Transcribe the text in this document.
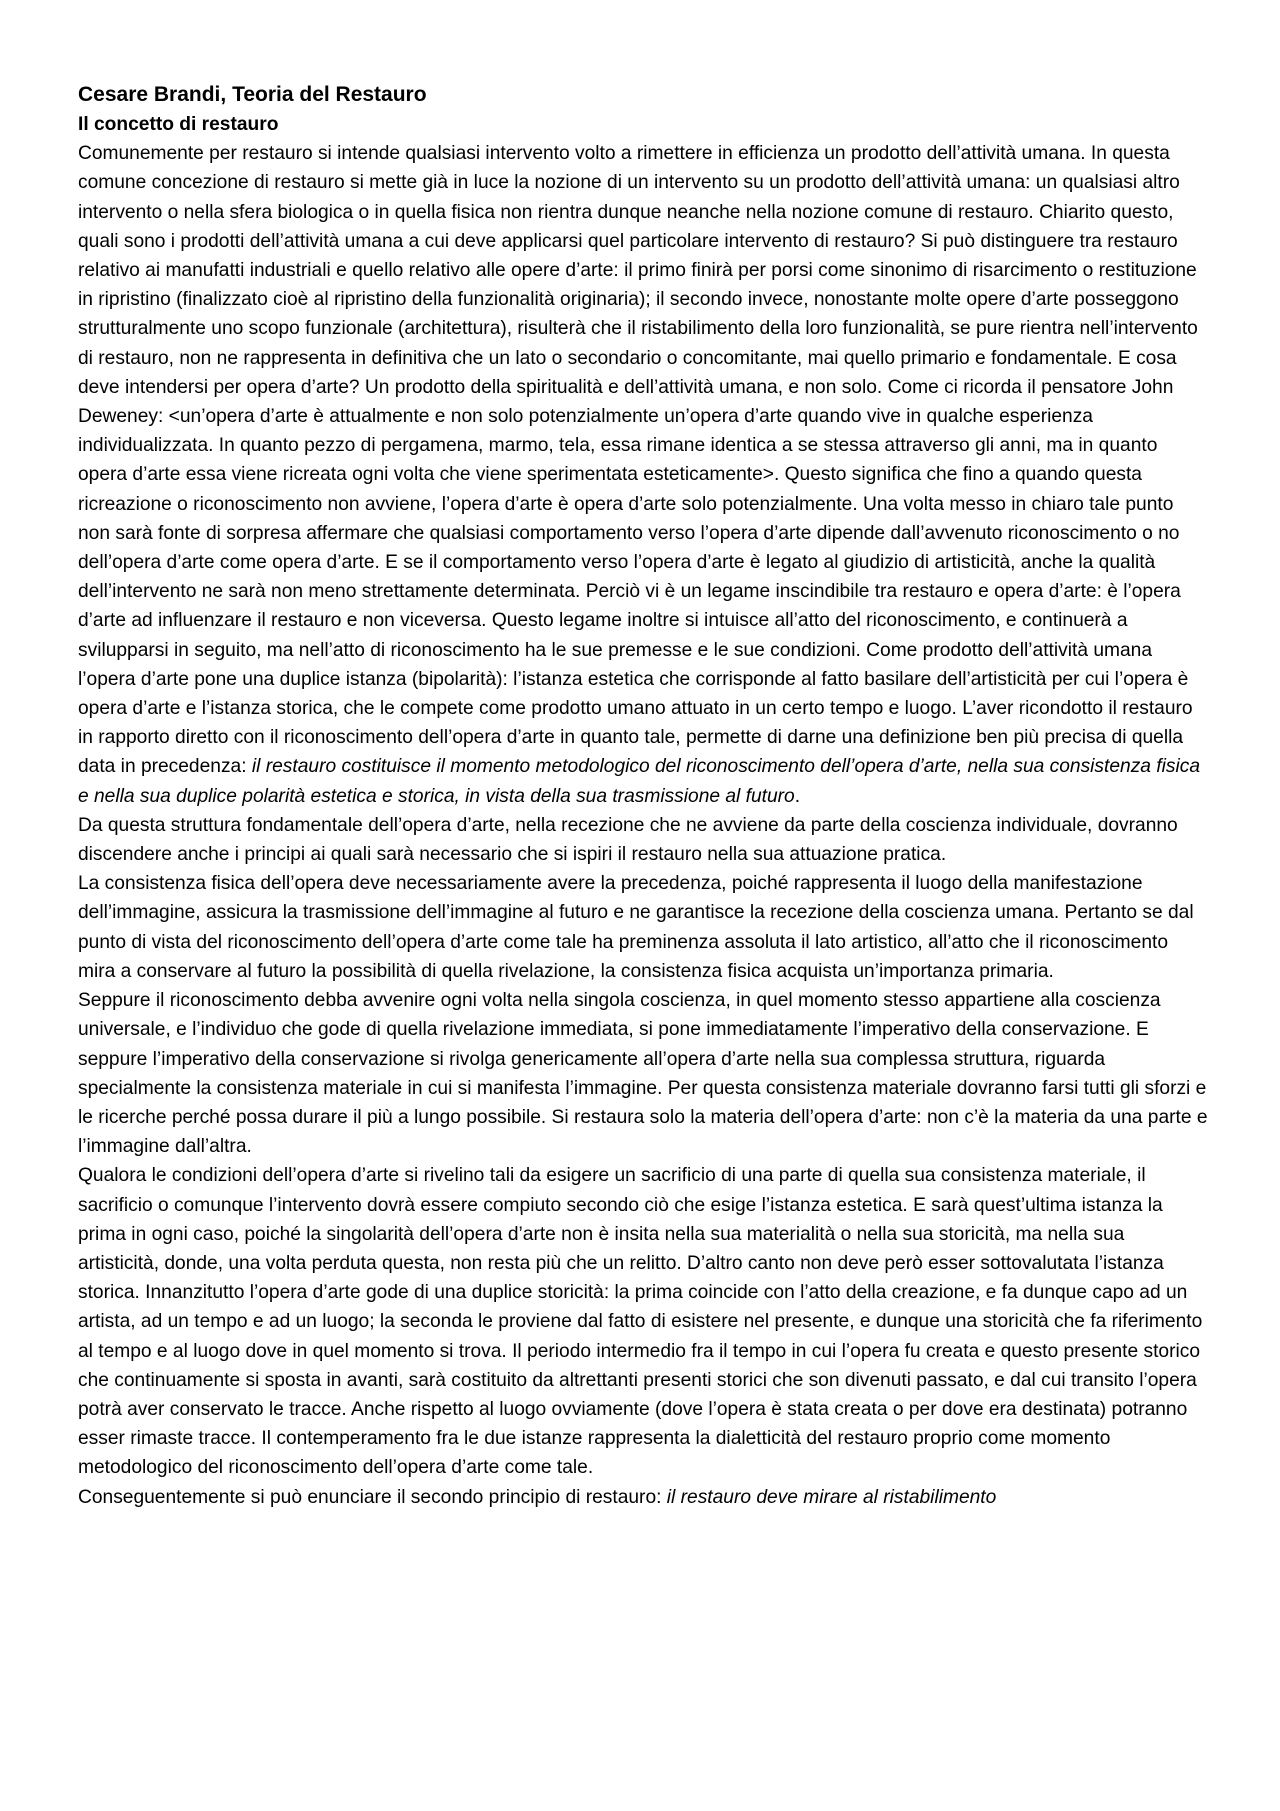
Cesare Brandi, Teoria del Restauro

Il concetto di restauro

Comunemente per restauro si intende qualsiasi intervento volto a rimettere in efficienza un prodotto dell’attività umana. In questa comune concezione di restauro si mette già in luce la nozione di un intervento su un prodotto dell’attività umana: un qualsiasi altro intervento o nella sfera biologica o in quella fisica non rientra dunque neanche nella nozione comune di restauro. Chiarito questo, quali sono i prodotti dell’attività umana a cui deve applicarsi quel particolare intervento di restauro? Si può distinguere tra restauro relativo ai manufatti industriali e quello relativo alle opere d’arte: il primo finirà per porsi come sinonimo di risarcimento o restituzione in ripristino (finalizzato cioè al ripristino della funzionalità originaria); il secondo invece, nonostante molte opere d’arte posseggono strutturalmente uno scopo funzionale (architettura), risulterà che il ristabilimento della loro funzionalità, se pure rientra nell’intervento di restauro, non ne rappresenta in definitiva che un lato o secondario o concomitante, mai quello primario e fondamentale. E cosa deve intendersi per opera d’arte? Un prodotto della spiritualità e dell’attività umana, e non solo. Come ci ricorda il pensatore John Deweney: <un’opera d’arte è attualmente e non solo potenzialmente un’opera d’arte quando vive in qualche esperienza individualizzata. In quanto pezzo di pergamena, marmo, tela, essa rimane identica a se stessa attraverso gli anni, ma in quanto opera d’arte essa viene ricreata ogni volta che viene sperimentata esteticamente>. Questo significa che fino a quando questa ricreazione o riconoscimento non avviene, l’opera d’arte è opera d’arte solo potenzialmente. Una volta messo in chiaro tale punto non sarà fonte di sorpresa affermare che qualsiasi comportamento verso l’opera d’arte dipende dall’avvenuto riconoscimento o no dell’opera d’arte come opera d’arte. E se il comportamento verso l’opera d’arte è legato al giudizio di artisticità, anche la qualità dell’intervento ne sarà non meno strettamente determinata. Perciò vi è un legame inscindibile tra restauro e opera d’arte: è l’opera d’arte ad influenzare il restauro e non viceversa. Questo legame inoltre si intuisce all’atto del riconoscimento, e continuerà a svilupparsi in seguito, ma nell’atto di riconoscimento ha le sue premesse e le sue condizioni. Come prodotto dell’attività umana l’opera d’arte pone una duplice istanza (bipolarità): l’istanza estetica che corrisponde al fatto basilare dell’artisticità per cui l’opera è opera d’arte e l’istanza storica, che le compete come prodotto umano attuato in un certo tempo e luogo. L’aver ricondotto il restauro in rapporto diretto con il riconoscimento dell’opera d’arte in quanto tale, permette di darne una definizione ben più precisa di quella data in precedenza: il restauro costituisce il momento metodologico del riconoscimento dell’opera d’arte, nella sua consistenza fisica e nella sua duplice polarità estetica e storica, in vista della sua trasmissione al futuro.

Da questa struttura fondamentale dell’opera d’arte, nella recezione che ne avviene da parte della coscienza individuale, dovranno discendere anche i principi ai quali sarà necessario che si ispiri il restauro nella sua attuazione pratica.

La consistenza fisica dell’opera deve necessariamente avere la precedenza, poiché rappresenta il luogo della manifestazione dell’immagine, assicura la trasmissione dell’immagine al futuro e ne garantisce la recezione della coscienza umana. Pertanto se dal punto di vista del riconoscimento dell’opera d’arte come tale ha preminenza assoluta il lato artistico, all’atto che il riconoscimento mira a conservare al futuro la possibilità di quella rivelazione, la consistenza fisica acquista un’importanza primaria.

Seppure il riconoscimento debba avvenire ogni volta nella singola coscienza, in quel momento stesso appartiene alla coscienza universale, e l’individuo che gode di quella rivelazione immediata, si pone immediatamente l’imperativo della conservazione. E seppure l’imperativo della conservazione si rivolga genericamente all’opera d’arte nella sua complessa struttura, riguarda specialmente la consistenza materiale in cui si manifesta l’immagine. Per questa consistenza materiale dovranno farsi tutti gli sforzi e le ricerche perché possa durare il più a lungo possibile. Si restaura solo la materia dell’opera d’arte: non c’è la materia da una parte e l’immagine dall’altra.

Qualora le condizioni dell’opera d’arte si rivelino tali da esigere un sacrificio di una parte di quella sua consistenza materiale, il sacrificio o comunque l’intervento dovrà essere compiuto secondo ciò che esige l’istanza estetica. E sarà quest’ultima istanza la prima in ogni caso, poiché la singolarità dell’opera d’arte non è insita nella sua materialità o nella sua storicità, ma nella sua artisticità, donde, una volta perduta questa, non resta più che un relitto. D’altro canto non deve però esser sottovalutata l’istanza storica. Innanzitutto l’opera d’arte gode di una duplice storicità: la prima coincide con l’atto della creazione, e fa dunque capo ad un artista, ad un tempo e ad un luogo; la seconda le proviene dal fatto di esistere nel presente, e dunque una storicità che fa riferimento al tempo e al luogo dove in quel momento si trova. Il periodo intermedio fra il tempo in cui l’opera fu creata e questo presente storico che continuamente si sposta in avanti, sarà costituito da altrettanti presenti storici che son divenuti passato, e dal cui transito l’opera potrà aver conservato le tracce. Anche rispetto al luogo ovviamente (dove l’opera è stata creata o per dove era destinata) potranno esser rimaste tracce. Il contemperamento fra le due istanze rappresenta la dialetticità del restauro proprio come momento metodologico del riconoscimento dell’opera d’arte come tale.

Conseguentemente si può enunciare il secondo principio di restauro: il restauro deve mirare al ristabilimento
